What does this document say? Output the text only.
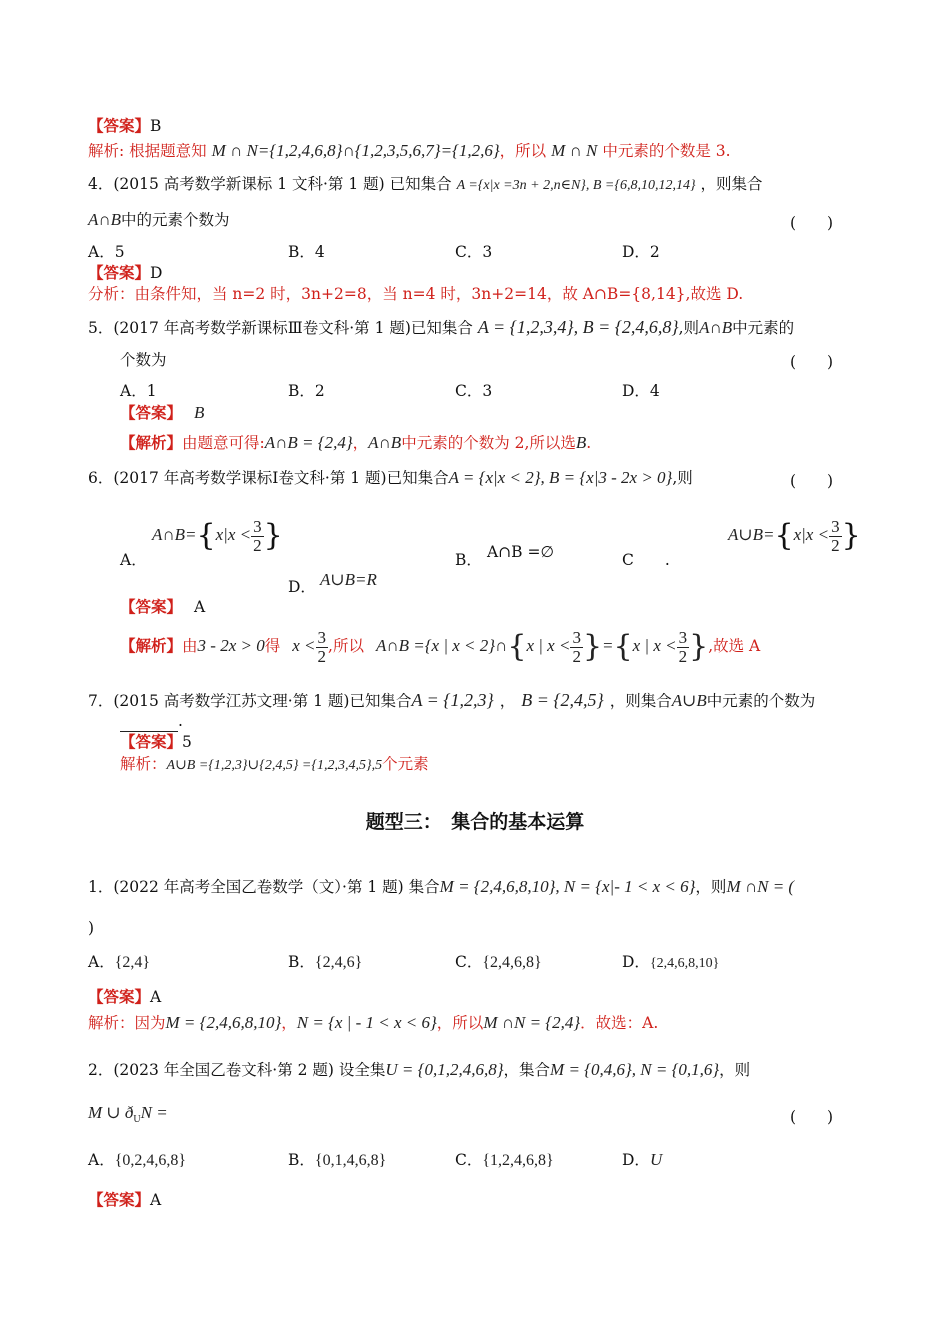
【答案】B
解析: 根据题意知 M ∩ N={1,2,4,6,8}∩{1,2,3,5,6,7}={1,2,6}，所以 M ∩ N 中元素的个数是 3.
4．(2015 高考数学新课标 1 文科·第 1 题) 已知集合 A ={x|x =3n + 2,n∈N}, B ={6,8,10,12,14} ，则集合
A∩B中的元素个数为	(　　)
A．5	B．4	C．3	D．2
【答案】D
分析：由条件知，当 n=2 时，3n+2=8，当 n=4 时，3n+2=14，故 A∩B={8,14},故选 D.
5．(2017 年高考数学新课标Ⅲ卷文科·第 1 题)已知集合 A = {1,2,3,4}, B = {2,4,6,8},则A∩B中元素的
个数为	(　　)
A．1	B．2	C．3	D．4
【答案】 B
【解析】由题意可得:A∩B = {2,4}，A∩B中元素的个数为 2,所以选B.
6．(2017 年高考数学课标Ⅰ卷文科·第 1 题)已知集合A = {x|x < 2}, B = {x|3 - 2x > 0},则	(　　)
A．
A∩B={x|x < $\frac{3}{2}$ }
B． A∩B =∅	C　　.
A∪B={x|x < $\frac{3}{2}$ }
D． A∪B=R
【答案】 A
【解析】由3 - 2x > 0得 $x < \frac{3}{2}$ ,所以 A∩B ={x | x < 2}∩{x | $x < \frac{3}{2} \}=\{x$ | $x < \frac{3}{2}$ },故选 A
7．(2015 高考数学江苏文理·第 1 题)已知集合A = {1,2,3} ， B = {2,4,5} ，则集合A∪B中元素的个数为
.
【答案】5
解析：A∪B ={1,2,3}∪{2,4,5} ={1,2,3,4,5},5个元素
题型三：　集合的基本运算
1．(2022 年高考全国乙卷数学（文）·第 1 题) 集合M = {2,4,6,8,10}, N = {x|- 1 < x < 6}，则M ∩N = (
)
A．{2,4}	B．{2,4,6}	C．{2,4,6,8}	D．{2,4,6,8,10}
【答案】A
解析：因为M = {2,4,6,8,10}，N = {x | - 1 < x < 6}，所以M ∩N = {2,4}．故选：A.
2．(2023 年全国乙卷文科·第 2 题) 设全集U = {0,1,2,4,6,8}，集合M = {0,4,6}, N = {0,1,6}，则
M ∪ $ð_UN$ =	(　　)
A．{0,2,4,6,8}	B．{0,1,4,6,8}	C．{1,2,4,6,8}	D．U
【答案】A
